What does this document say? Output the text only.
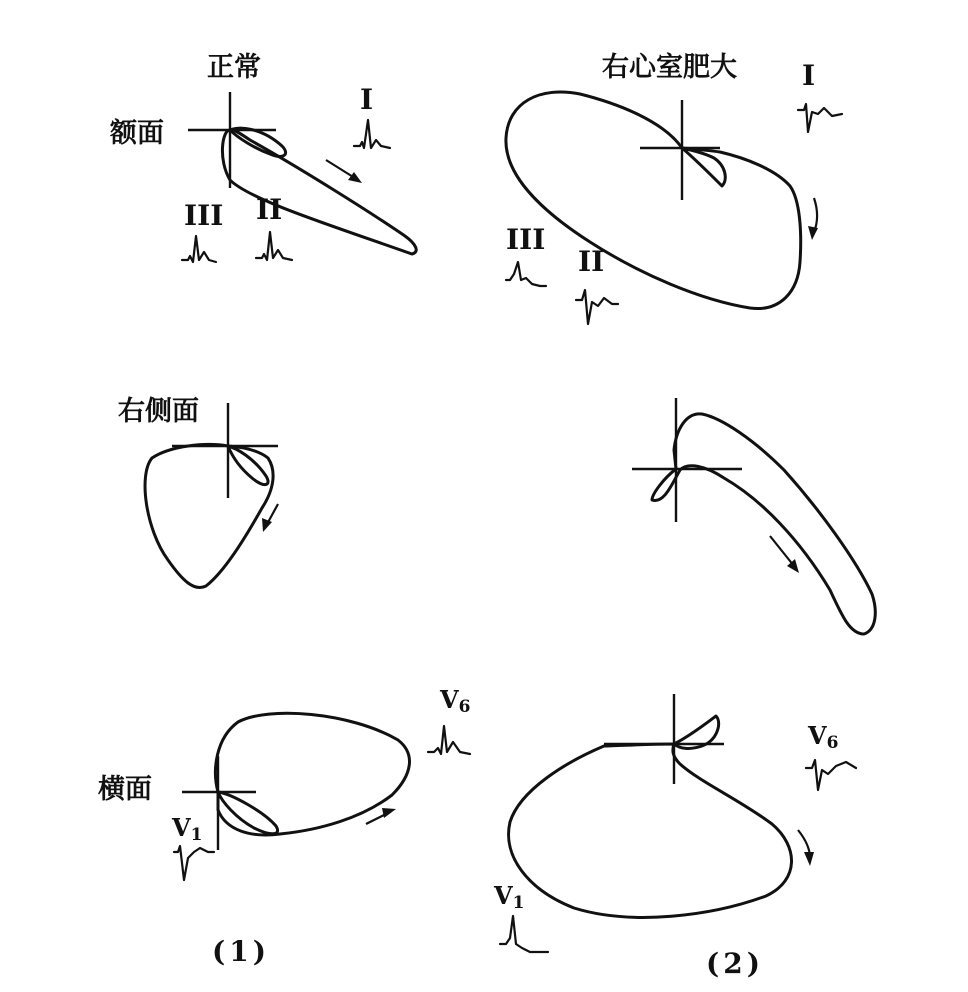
正常	右心室肥大
额面
右侧面
横面
I
II
III
$V_1$
$V_6$
I
II
III
$V_1$
$V_6$
(1)	(2)
